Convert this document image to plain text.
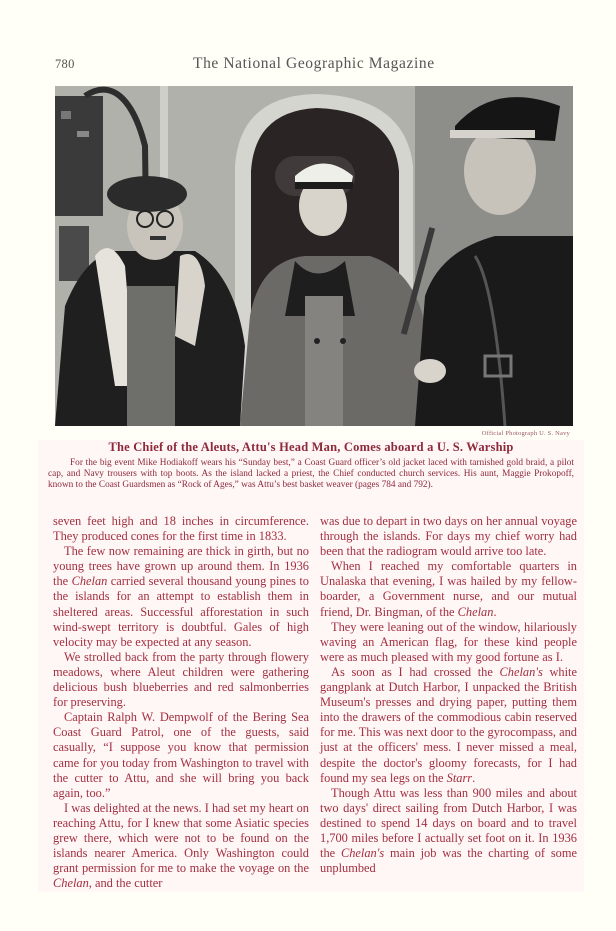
780	The National Geographic Magazine
Official Photograph U. S. Navy
The Chief of the Aleuts, Attu's Head Man, Comes aboard a U. S. Warship
For the big event Mike Hodiakoff wears his “Sunday best,” a Coast Guard officer’s old jacket laced with tarnished gold braid, a pilot cap, and Navy trousers with top boots. As the island lacked a priest, the Chief conducted church services. His aunt, Maggie Prokopoff, known to the Coast Guardsmen as “Rock of Ages,” was Attu’s best basket weaver (pages 784 and 792).

seven feet high and 18 inches in circumference. They produced cones for the first time in 1833.

The few now remaining are thick in girth, but no young trees have grown up around them. In 1936 the Chelan carried several thousand young pines to the islands for an attempt to establish them in sheltered areas. Successful afforestation in such wind-swept territory is doubtful. Gales of high velocity may be expected at any season.

We strolled back from the party through flowery meadows, where Aleut children were gathering delicious bush blueberries and red salmonberries for preserving.

Captain Ralph W. Dempwolf of the Bering Sea Coast Guard Patrol, one of the guests, said casually, “I suppose you know that permission came for you today from Washington to travel with the cutter to Attu, and she will bring you back again, too.”

I was delighted at the news. I had set my heart on reaching Attu, for I knew that some Asiatic species grew there, which were not to be found on the islands nearer America. Only Washington could grant permission for me to make the voyage on the Chelan, and the cutter

was due to depart in two days on her annual voyage through the islands. For days my chief worry had been that the radiogram would arrive too late.

When I reached my comfortable quarters in Unalaska that evening, I was hailed by my fellow-boarder, a Government nurse, and our mutual friend, Dr. Bingman, of the Chelan.

They were leaning out of the window, hilariously waving an American flag, for these kind people were as much pleased with my good fortune as I.

As soon as I had crossed the Chelan's white gangplank at Dutch Harbor, I unpacked the British Museum's presses and drying paper, putting them into the drawers of the commodious cabin reserved for me. This was next door to the gyrocompass, and just at the officers' mess. I never missed a meal, despite the doctor's gloomy forecasts, for I had found my sea legs on the Starr.

Though Attu was less than 900 miles and about two days' direct sailing from Dutch Harbor, I was destined to spend 14 days on board and to travel 1,700 miles before I actually set foot on it. In 1936 the Chelan's main job was the charting of some unplumbed
